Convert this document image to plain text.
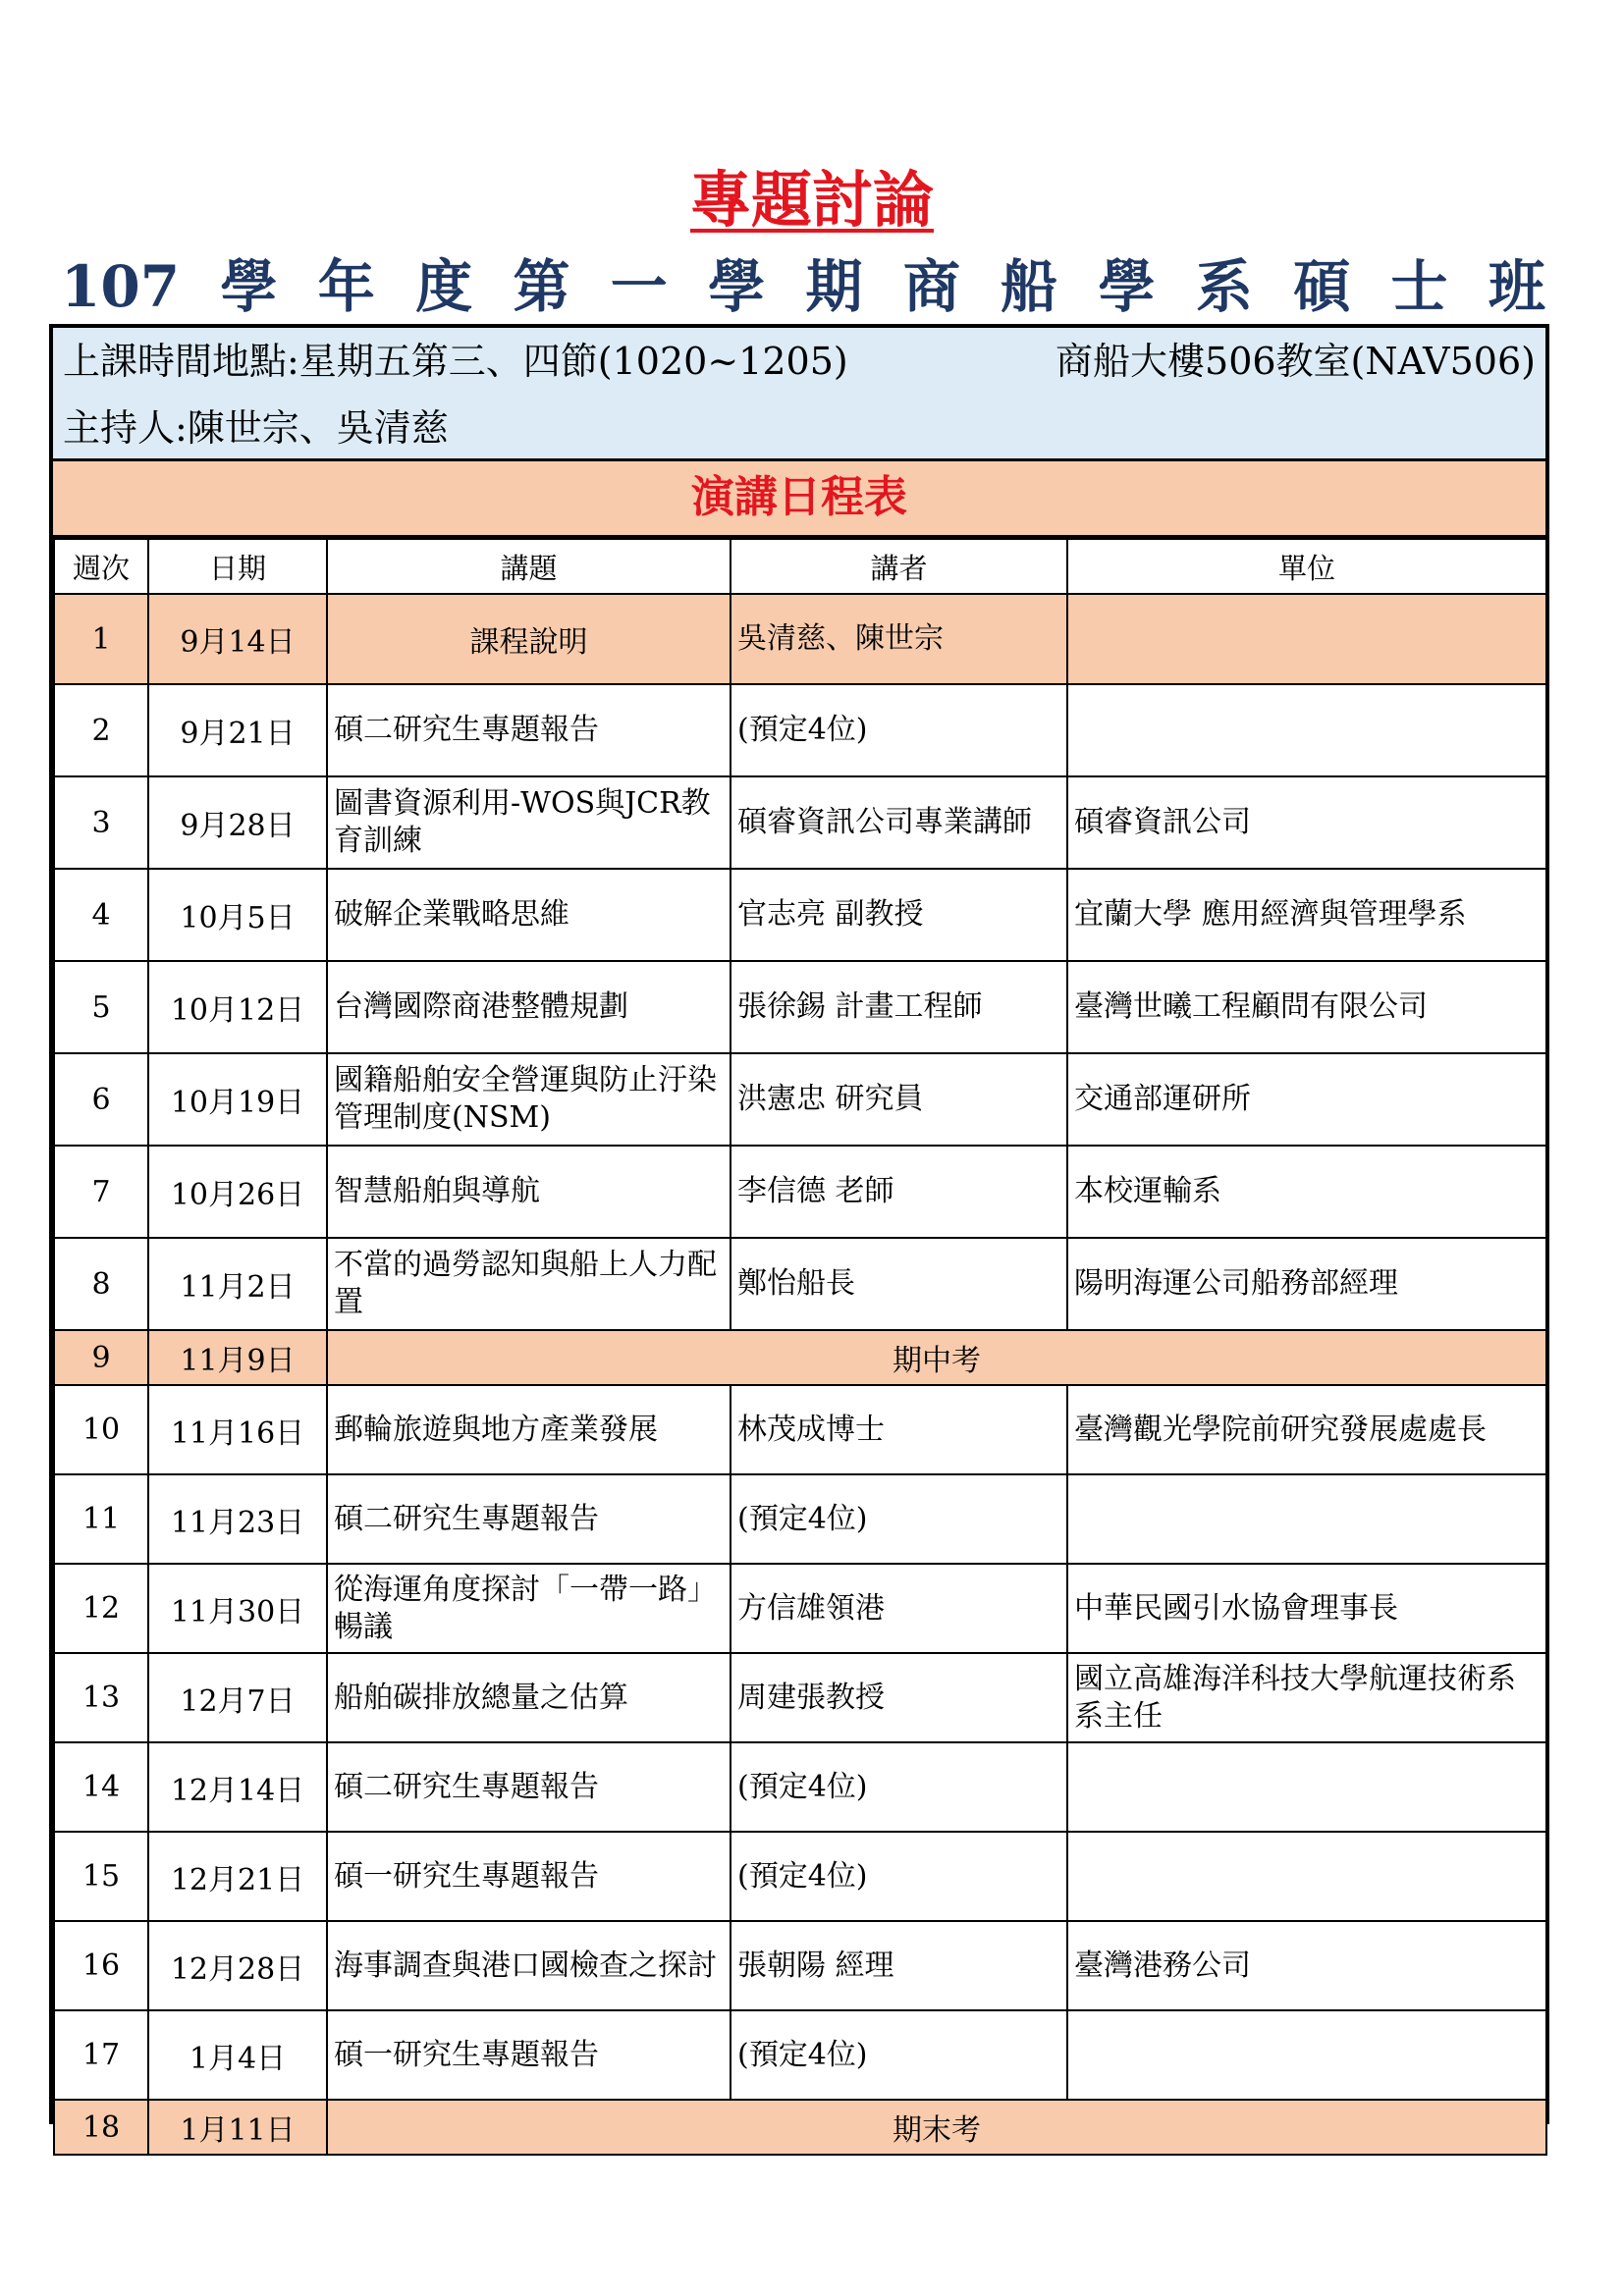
專題討論
107 學 年 度 第 一 學 期 商 船 學 系 碩 士 班
上課時間地點:星期五第三、四節(1020~1205)	商船大樓506教室(NAV506)
主持人:陳世宗、吳清慈
演講日程表
週次	日期	講題	講者	單位
1	9月14日	課程說明	吳清慈、陳世宗	
2	9月21日	碩二研究生專題報告	(預定4位)	
3	9月28日	圖書資源利用-WOS與JCR教育訓練	碩睿資訊公司專業講師	碩睿資訊公司
4	10月5日	破解企業戰略思維	官志亮 副教授	宜蘭大學 應用經濟與管理學系
5	10月12日	台灣國際商港整體規劃	張徐錫 計畫工程師	臺灣世曦工程顧問有限公司
6	10月19日	國籍船舶安全營運與防止汙染管理制度(NSM)	洪憲忠 研究員	交通部運研所
7	10月26日	智慧船舶與導航	李信德 老師	本校運輸系
8	11月2日	不當的過勞認知與船上人力配置	鄭怡船長	陽明海運公司船務部經理
9	11月9日	期中考		
10	11月16日	郵輪旅遊與地方產業發展	林茂成博士	臺灣觀光學院前研究發展處處長
11	11月23日	碩二研究生專題報告	(預定4位)	
12	11月30日	從海運角度探討「一帶一路」暢議	方信雄領港	中華民國引水協會理事長
13	12月7日	船舶碳排放總量之估算	周建張教授	國立高雄海洋科技大學航運技術系系主任
14	12月14日	碩二研究生專題報告	(預定4位)	
15	12月21日	碩一研究生專題報告	(預定4位)	
16	12月28日	海事調查與港口國檢查之探討	張朝陽 經理	臺灣港務公司
17	1月4日	碩一研究生專題報告	(預定4位)	
18	1月11日	期末考		
